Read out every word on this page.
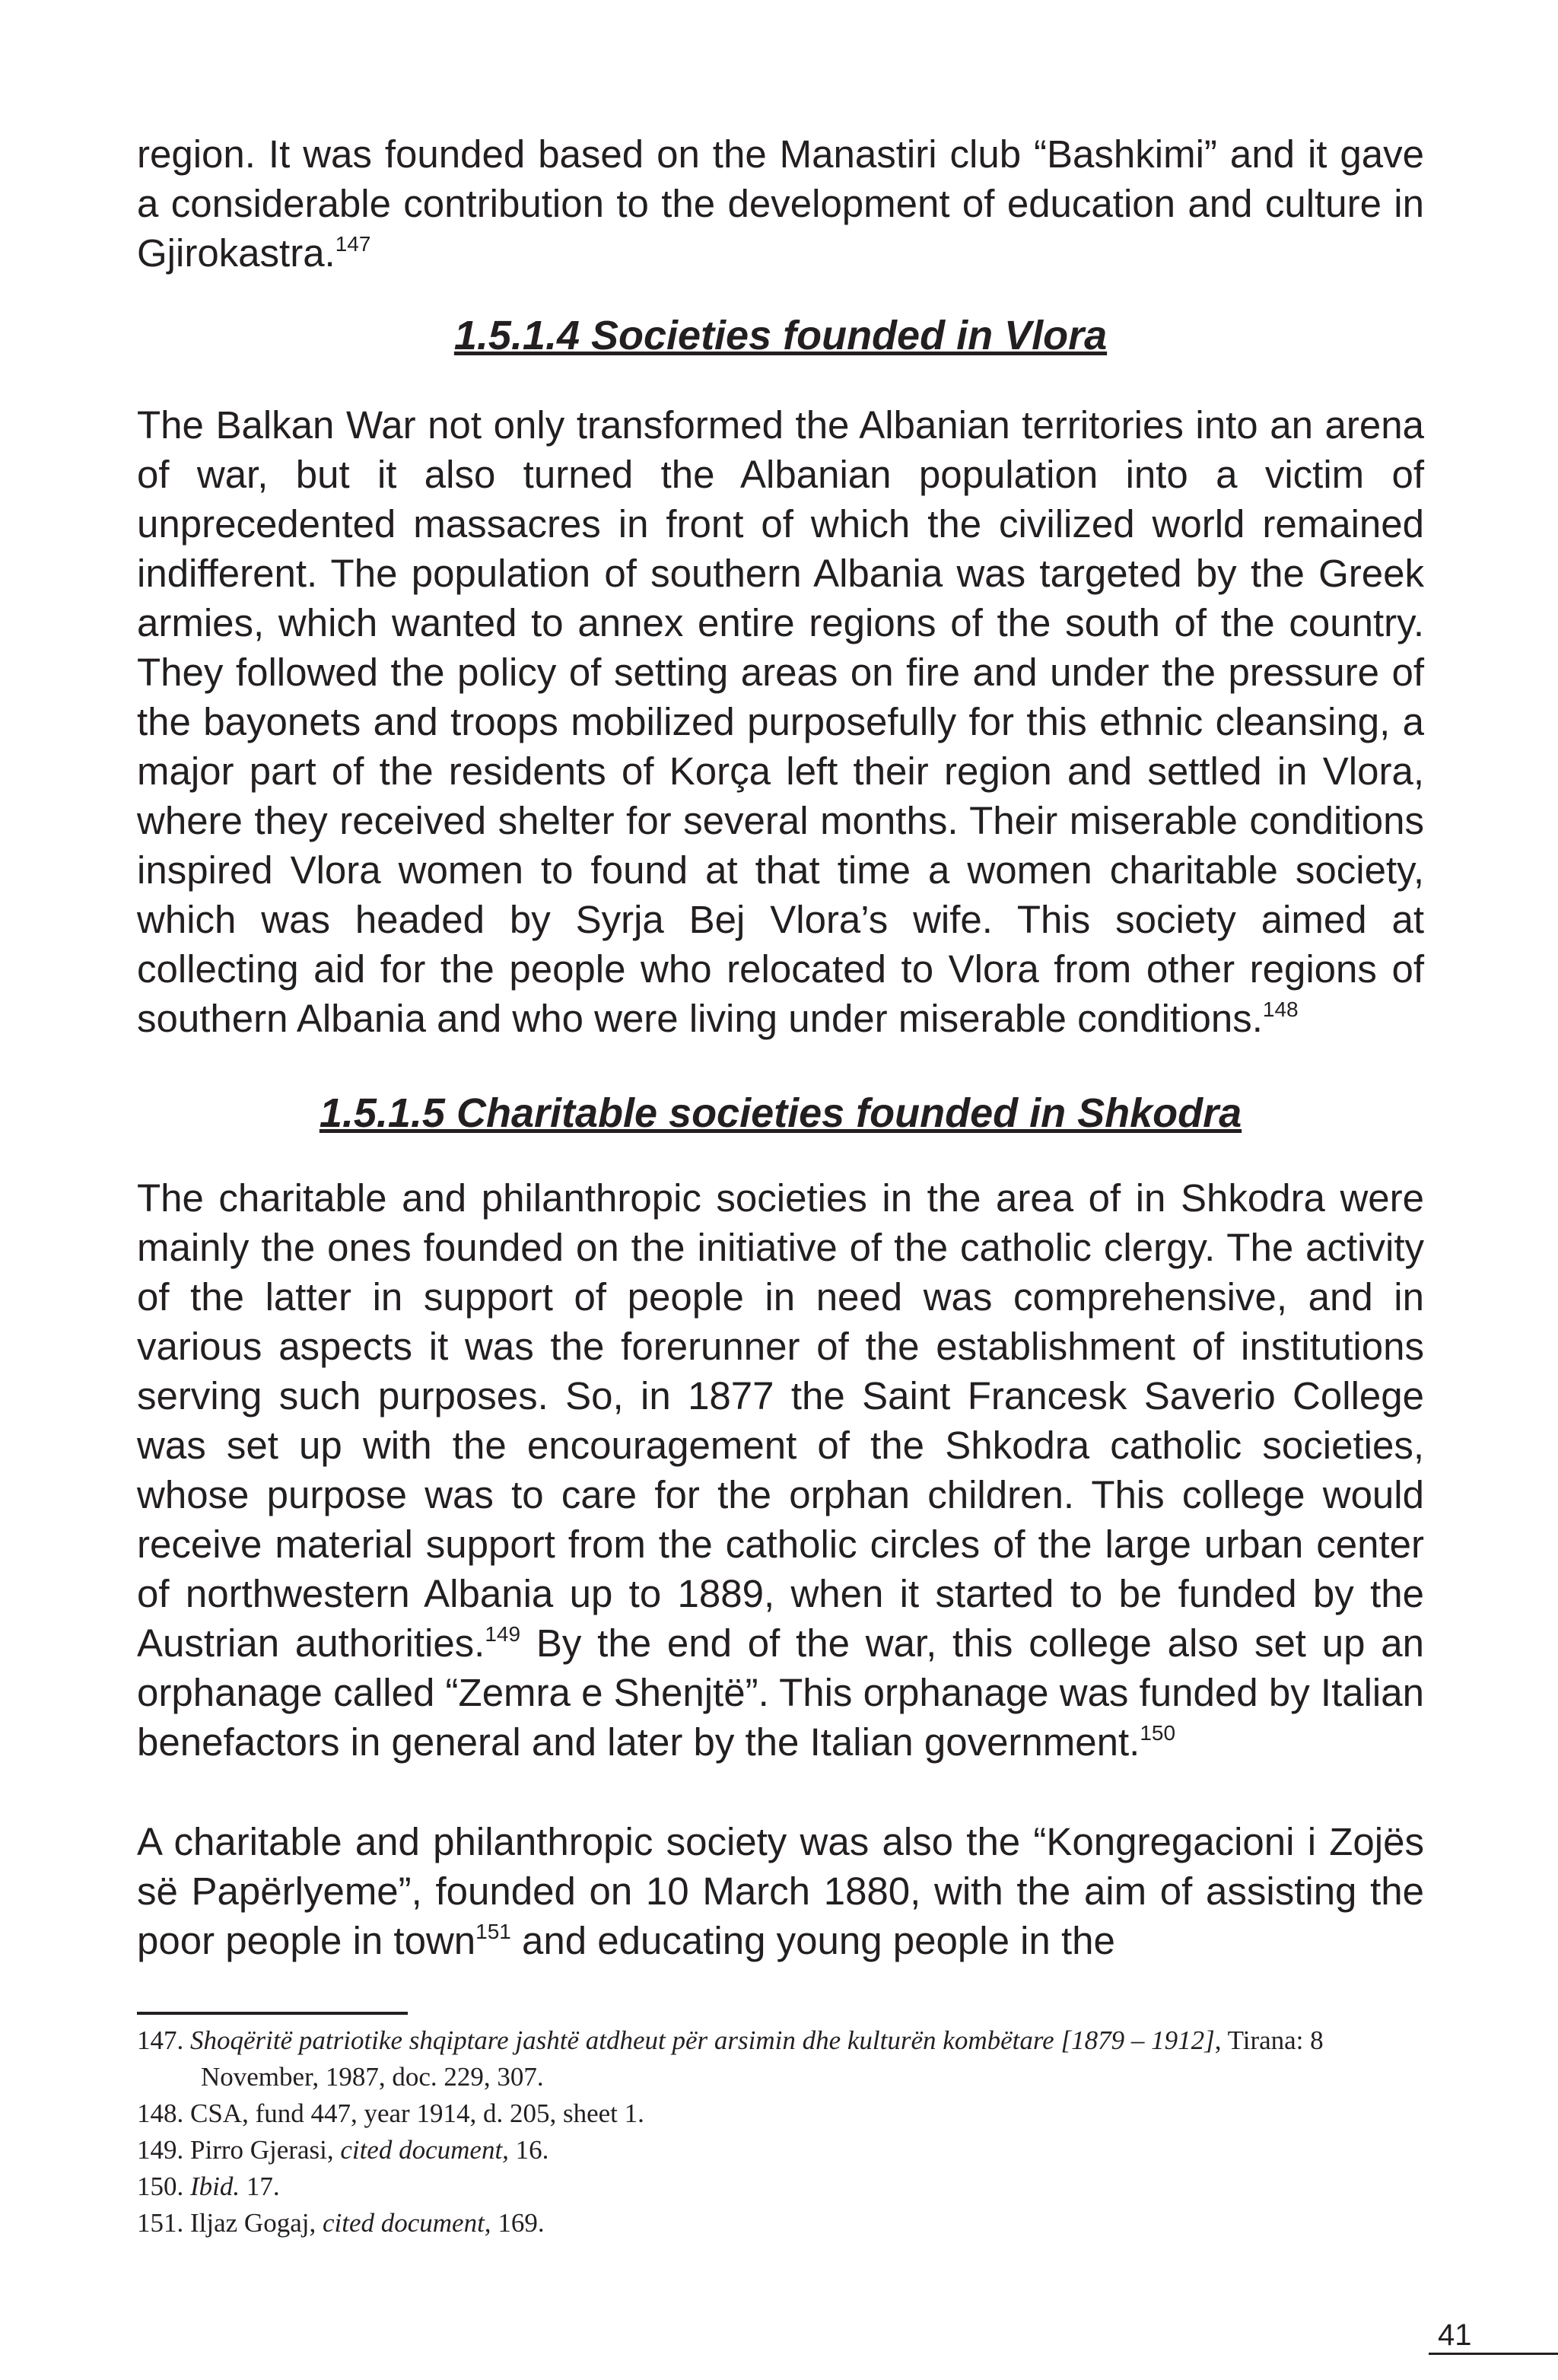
region. It was founded based on the Manastiri club “Bashkimi” and it gave a considerable contribution to the development of education and culture in Gjirokastra.$^{147}$

1.5.1.4 Societies founded in Vlora

The Balkan War not only transformed the Albanian territories into an arena of war, but it also turned the Albanian population into a victim of unprecedented massacres in front of which the civilized world remained indifferent. The population of southern Albania was targeted by the Greek armies, which wanted to annex entire regions of the south of the country. They followed the policy of setting areas on fire and under the pressure of the bayonets and troops mobilized purposefully for this ethnic cleansing, a major part of the residents of Korça left their region and settled in Vlora, where they received shelter for several months. Their miserable conditions inspired Vlora women to found at that time a women charitable society, which was headed by Syrja Bej Vlora’s wife. This society aimed at collecting aid for the people who relocated to Vlora from other regions of southern Albania and who were living under miserable conditions.$^{148}$

1.5.1.5 Charitable societies founded in Shkodra

The charitable and philanthropic societies in the area of in Shkodra were mainly the ones founded on the initiative of the catholic clergy. The activity of the latter in support of people in need was comprehensive, and in various aspects it was the forerunner of the establishment of institutions serving such purposes. So, in 1877 the Saint Francesk Saverio College was set up with the encouragement of the Shkodra catholic societies, whose purpose was to care for the orphan children. This college would receive material support from the catholic circles of the large urban center of northwestern Albania up to 1889, when it started to be funded by the Austrian authorities.$^{149}$ By the end of the war, this college also set up an orphanage called “Zemra e Shenjtë”. This orphanage was funded by Italian benefactors in general and later by the Italian government.$^{150}$

A charitable and philanthropic society was also the “Kongregacioni i Zojës së Papërlyeme”, founded on 10 March 1880, with the aim of assisting the poor people in town$^{151}$ and educating young people in the

147. Shoqëritë patriotike shqiptare jashtë atdheut për arsimin dhe kulturën kombëtare [1879 – 1912], Tirana: 8 November, 1987, doc. 229, 307.

148. CSA, fund 447, year 1914, d. 205, sheet 1.

149. Pirro Gjerasi, cited document, 16.

150. Ibid. 17.

151. Iljaz Gogaj, cited document, 169.

41
